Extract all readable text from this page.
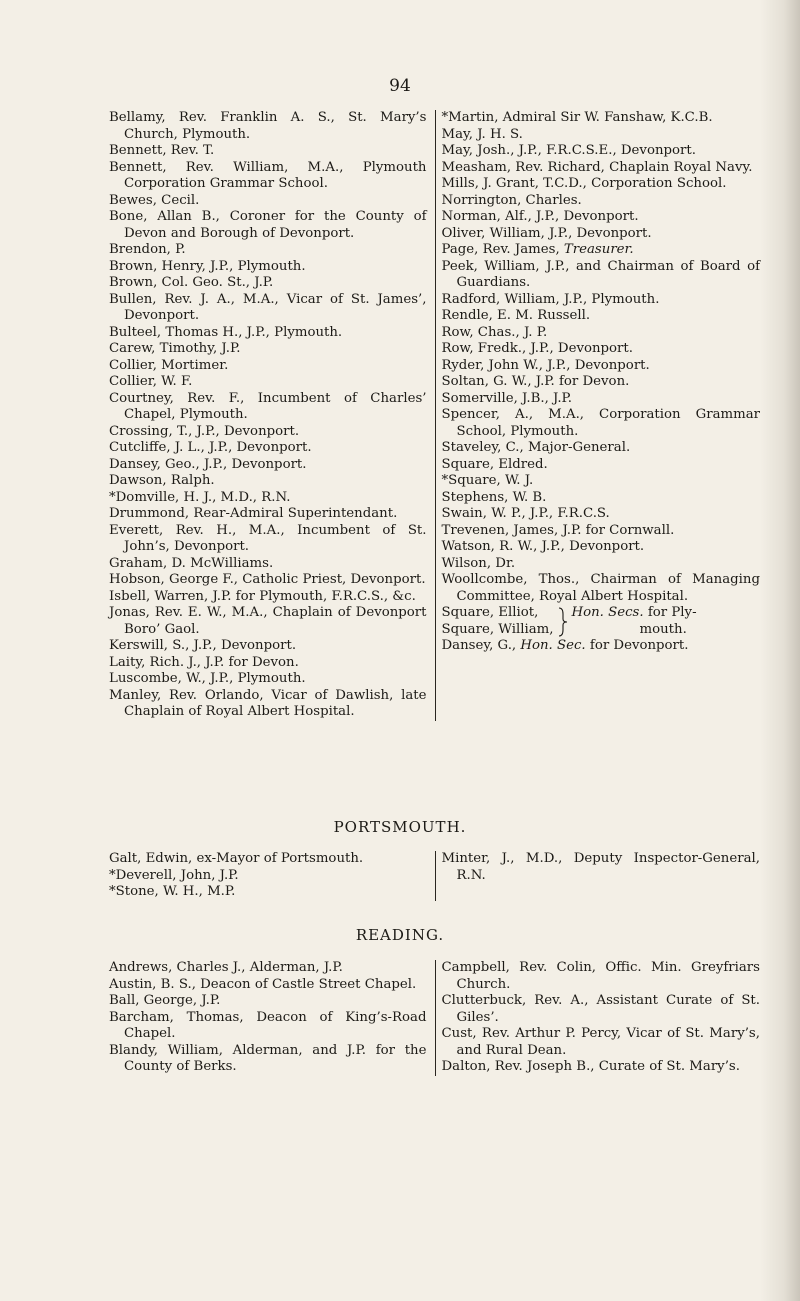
94
Bellamy, Rev. Franklin A. S., St. Mary’s Church, Plymouth.
Bennett, Rev. T.
Bennett, Rev. William, M.A., Plymouth Corporation Grammar School.
Bewes, Cecil.
Bone, Allan B., Coroner for the County of Devon and Borough of Devonport.
Brendon, P.
Brown, Henry, J.P., Plymouth.
Brown, Col. Geo. St., J.P.
Bullen, Rev. J. A., M.A., Vicar of St. James’, Devonport.
Bulteel, Thomas H., J.P., Plymouth.
Carew, Timothy, J.P.
Collier, Mortimer.
Collier, W. F.
Courtney, Rev. F., Incumbent of Charles’ Chapel, Plymouth.
Crossing, T., J.P., Devonport.
Cutcliffe, J. L., J.P., Devonport.
Dansey, Geo., J.P., Devonport.
Dawson, Ralph.
*Domville, H. J., M.D., R.N.
Drummond, Rear-Admiral Superintendant.
Everett, Rev. H., M.A., Incumbent of St. John’s, Devonport.
Graham, D. McWilliams.
Hobson, George F., Catholic Priest, Devonport.
Isbell, Warren, J.P. for Plymouth, F.R.C.S., &c.
Jonas, Rev. E. W., M.A., Chaplain of Devonport Boro’ Gaol.
Kerswill, S., J.P., Devonport.
Laity, Rich. J., J.P. for Devon.
Luscombe, W., J.P., Plymouth.
Manley, Rev. Orlando, Vicar of Dawlish, late Chaplain of Royal Albert Hospital.
*Martin, Admiral Sir W. Fanshaw, K.C.B.
May, J. H. S.
May, Josh., J.P., F.R.C.S.E., Devonport.
Measham, Rev. Richard, Chaplain Royal Navy.
Mills, J. Grant, T.C.D., Corporation School.
Norrington, Charles.
Norman, Alf., J.P., Devonport.
Oliver, William, J.P., Devonport.
Page, Rev. James, Treasurer.
Peek, William, J.P., and Chairman of Board of Guardians.
Radford, William, J.P., Plymouth.
Rendle, E. M. Russell.
Row, Chas., J. P.
Row, Fredk., J.P., Devonport.
Ryder, John W., J.P., Devonport.
Soltan, G. W., J.P. for Devon.
Somerville, J.B., J.P.
Spencer, A., M.A., Corporation Grammar School, Plymouth.
Staveley, C., Major-General.
Square, Eldred.
*Square, W. J.
Stephens, W. B.
Swain, W. P., J.P., F.R.C.S.
Trevenen, James, J.P. for Cornwall.
Watson, R. W., J.P., Devonport.
Wilson, Dr.
Woollcombe, Thos., Chairman of Managing Committee, Royal Albert Hospital.
Square, Elliot,
Square, William,
Hon. Secs. for Ply-
mouth.
Dansey, G., Hon. Sec. for Devonport.
PORTSMOUTH.
Galt, Edwin, ex-Mayor of Portsmouth.
*Deverell, John, J.P.
*Stone, W. H., M.P.
Minter, J., M.D., Deputy Inspector-General, R.N.
READING.
Andrews, Charles J., Alderman, J.P.
Austin, B. S., Deacon of Castle Street Chapel.
Ball, George, J.P.
Barcham, Thomas, Deacon of King’s-Road Chapel.
Blandy, William, Alderman, and J.P. for the County of Berks.
Campbell, Rev. Colin, Offic. Min. Greyfriars Church.
Clutterbuck, Rev. A., Assistant Curate of St. Giles’.
Cust, Rev. Arthur P. Percy, Vicar of St. Mary’s, and Rural Dean.
Dalton, Rev. Joseph B., Curate of St. Mary’s.
